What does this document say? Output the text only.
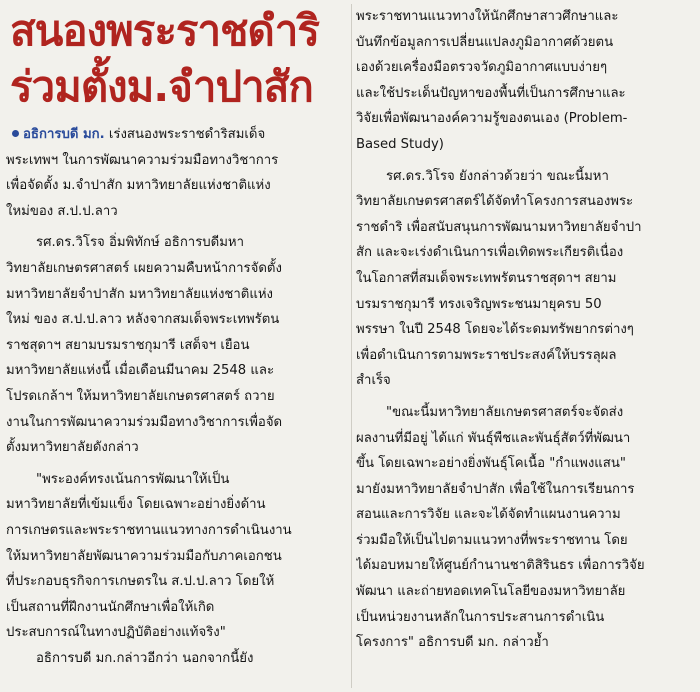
สนองพระราชดำริ
ร่วมตั้งม.จำปาสัก
อธิการบดี มก. เร่งสนองพระราชดำริสมเด็จ
พระเทพฯ ในการพัฒนาความร่วมมือทางวิชาการ
เพื่อจัดตั้ง ม.จำปาสัก มหาวิทยาลัยแห่งชาติแห่ง
ใหม่ของ ส.ป.ป.ลาว
รศ.ดร.วิโรจ อิ่มพิทักษ์ อธิการบดีมหา
วิทยาลัยเกษตรศาสตร์ เผยความคืบหน้าการจัดตั้ง
มหาวิทยาลัยจำปาสัก มหาวิทยาลัยแห่งชาติแห่ง
ใหม่ ของ ส.ป.ป.ลาว หลังจากสมเด็จพระเทพรัตน
ราชสุดาฯ สยามบรมราชกุมารี เสด็จฯ เยือน
มหาวิทยาลัยแห่งนี้ เมื่อเดือนมีนาคม 2548 และ
โปรดเกล้าฯ ให้มหาวิทยาลัยเกษตรศาสตร์ ถวาย
งานในการพัฒนาความร่วมมือทางวิชาการเพื่อจัด
ตั้งมหาวิทยาลัยดังกล่าว
"พระองค์ทรงเน้นการพัฒนาให้เป็น
มหาวิทยาลัยที่เข้มแข็ง โดยเฉพาะอย่างยิ่งด้าน
การเกษตรและพระราชทานแนวทางการดำเนินงาน
ให้มหาวิทยาลัยพัฒนาความร่วมมือกับภาคเอกชน
ที่ประกอบธุรกิจการเกษตรใน ส.ป.ป.ลาว โดยให้
เป็นสถานที่ฝึกงานนักศึกษาเพื่อให้เกิด
ประสบการณ์ในทางปฏิบัติอย่างแท้จริง"
อธิการบดี มก.กล่าวอีกว่า นอกจากนี้ยัง
พระราชทานแนวทางให้นักศึกษาสาวศึกษาและ
บันทึกข้อมูลการเปลี่ยนแปลงภูมิอากาศด้วยตน
เองด้วยเครื่องมือตรวจวัดภูมิอากาศแบบง่ายๆ
และใช้ประเด็นปัญหาของพื้นที่เป็นการศึกษาและ
วิจัยเพื่อพัฒนาองค์ความรู้ของตนเอง (Problem-
Based Study)
รศ.ดร.วิโรจ ยังกล่าวด้วยว่า ขณะนี้มหา
วิทยาลัยเกษตรศาสตร์ได้จัดทำโครงการสนองพระ
ราชดำริ เพื่อสนับสนุนการพัฒนามหาวิทยาลัยจำปา
สัก และจะเร่งดำเนินการเพื่อเทิดพระเกียรติเนื่อง
ในโอกาสที่สมเด็จพระเทพรัตนราชสุดาฯ สยาม
บรมราชกุมารี ทรงเจริญพระชนมายุครบ 50
พรรษา ในปี 2548 โดยจะได้ระดมทรัพยากรต่างๆ
เพื่อดำเนินการตามพระราชประสงค์ให้บรรลุผล
สำเร็จ
"ขณะนี้มหาวิทยาลัยเกษตรศาสตร์จะจัดส่ง
ผลงานที่มีอยู่ ได้แก่ พันธุ์พืชและพันธุ์สัตว์ที่พัฒนา
ขึ้น โดยเฉพาะอย่างยิ่งพันธุ์โคเนื้อ "กำแพงแสน"
มายังมหาวิทยาลัยจำปาสัก เพื่อใช้ในการเรียนการ
สอนและการวิจัย และจะได้จัดทำแผนงานความ
ร่วมมือให้เป็นไปตามแนวทางที่พระราชทาน โดย
ได้มอบหมายให้ศูนย์กำนานชาติสิรินธร เพื่อการวิจัย
พัฒนา และถ่ายทอดเทคโนโลยีของมหาวิทยาลัย
เป็นหน่วยงานหลักในการประสานการดำเนิน
โครงการ" อธิการบดี มก. กล่าวย้ำ
